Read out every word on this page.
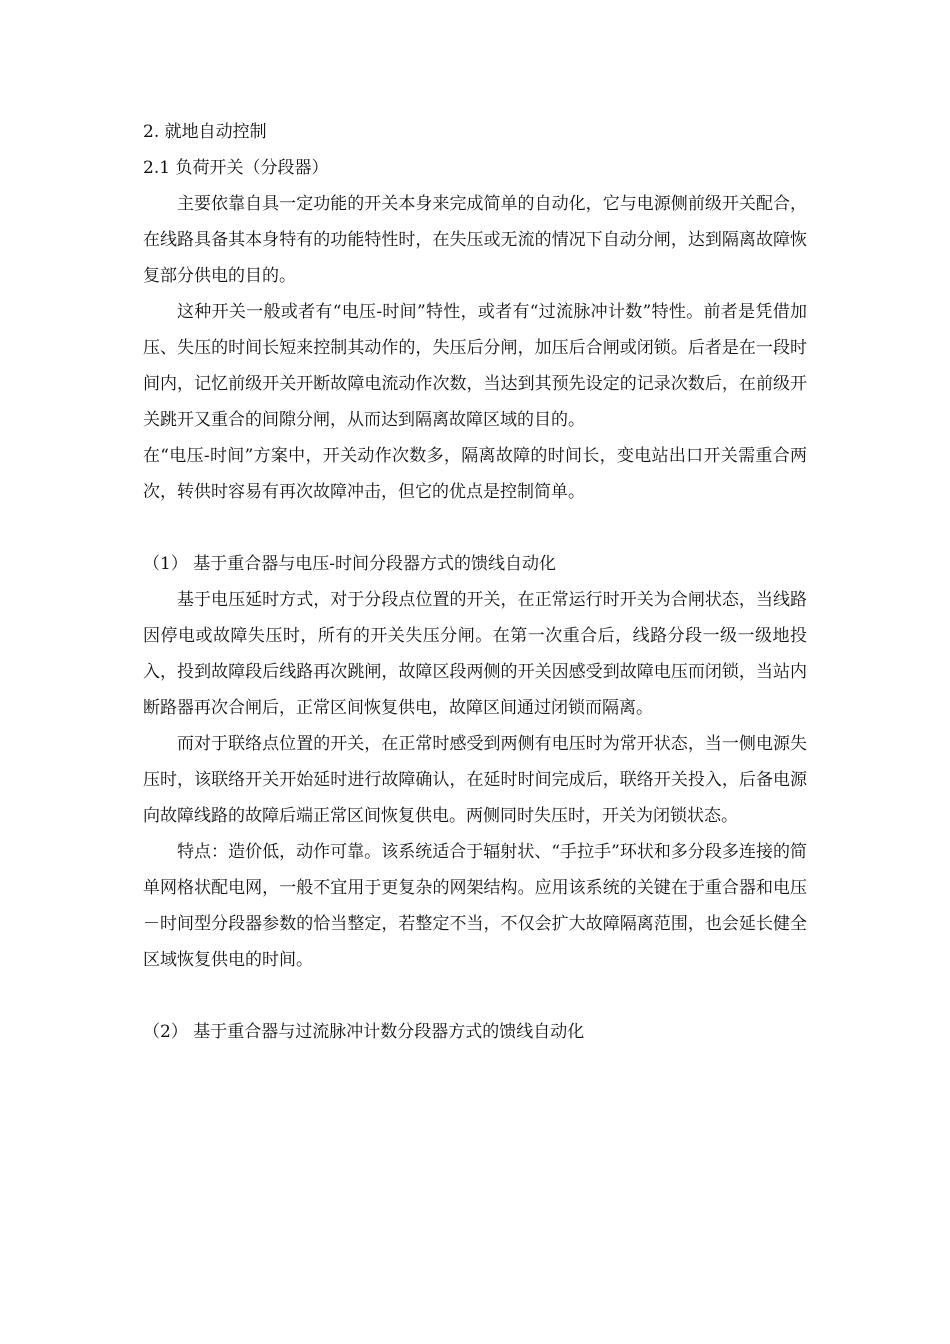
2. 就地自动控制

2.1 负荷开关（分段器）

主要依靠自具一定功能的开关本身来完成简单的自动化，它与电源侧前级开关配合，在线路具备其本身特有的功能特性时，在失压或无流的情况下自动分闸，达到隔离故障恢复部分供电的目的。

这种开关一般或者有“电压-时间”特性，或者有“过流脉冲计数”特性。前者是凭借加压、失压的时间长短来控制其动作的，失压后分闸，加压后合闸或闭锁。后者是在一段时间内，记忆前级开关开断故障电流动作次数，当达到其预先设定的记录次数后，在前级开关跳开又重合的间隙分闸，从而达到隔离故障区域的目的。

在“电压-时间”方案中，开关动作次数多，隔离故障的时间长，变电站出口开关需重合两次，转供时容易有再次故障冲击，但它的优点是控制简单。

（1） 基于重合器与电压-时间分段器方式的馈线自动化

基于电压延时方式，对于分段点位置的开关，在正常运行时开关为合闸状态，当线路因停电或故障失压时，所有的开关失压分闸。在第一次重合后，线路分段一级一级地投入，投到故障段后线路再次跳闸，故障区段两侧的开关因感受到故障电压而闭锁，当站内断路器再次合闸后，正常区间恢复供电，故障区间通过闭锁而隔离。

而对于联络点位置的开关，在正常时感受到两侧有电压时为常开状态，当一侧电源失压时，该联络开关开始延时进行故障确认，在延时时间完成后，联络开关投入，后备电源向故障线路的故障后端正常区间恢复供电。两侧同时失压时，开关为闭锁状态。

特点：造价低，动作可靠。该系统适合于辐射状、“手拉手”环状和多分段多连接的简单网格状配电网，一般不宜用于更复杂的网架结构。应用该系统的关键在于重合器和电压－时间型分段器参数的恰当整定，若整定不当，不仅会扩大故障隔离范围，也会延长健全区域恢复供电的时间。

（2） 基于重合器与过流脉冲计数分段器方式的馈线自动化
